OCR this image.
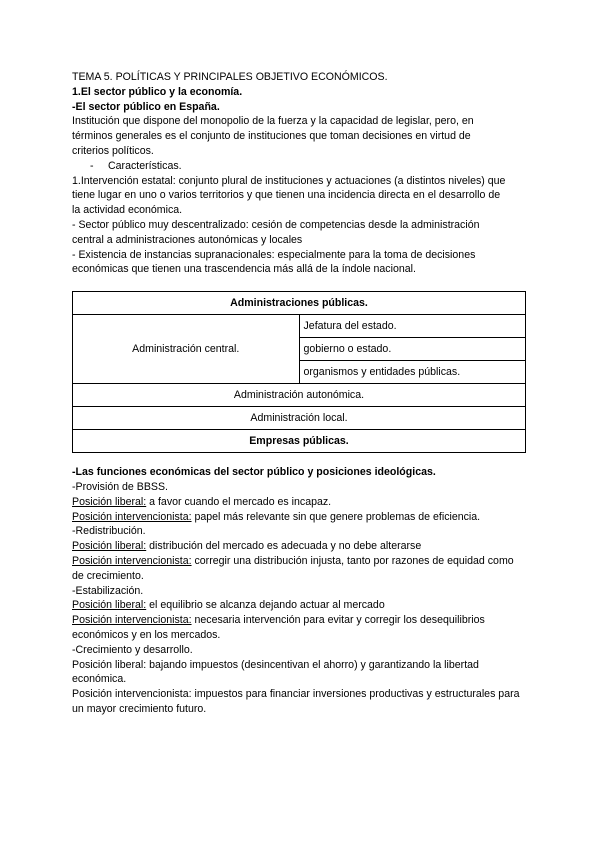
TEMA 5. POLÍTICAS Y PRINCIPALES OBJETIVO ECONÓMICOS.
1.El sector público y la economía.
-El sector público en España.
Institución que dispone del monopolio de la fuerza y la capacidad de legislar, pero, en
términos generales es el conjunto de instituciones que toman decisiones en virtud de
criterios políticos.
- Características.
1.Intervención estatal: conjunto plural de instituciones y actuaciones (a distintos niveles) que
tiene lugar en uno o varios territorios y que tienen una incidencia directa en el desarrollo de
la actividad económica.
- Sector público muy descentralizado: cesión de competencias desde la administración
central a administraciones autonómicas y locales
- Existencia de instancias supranacionales: especialmente para la toma de decisiones
económicas que tienen una trascendencia más allá de la índole nacional.
Administraciones públicas.
Administración central.	Jefatura del estado.
gobierno o estado.
organismos y entidades públicas.
Administración autonómica.
Administración local.
Empresas públicas.
-Las funciones económicas del sector público y posiciones ideológicas.
-Provisión de BBSS.
Posición liberal: a favor cuando el mercado es incapaz.
Posición intervencionista: papel más relevante sin que genere problemas de eficiencia.
-Redistribución.
Posición liberal: distribución del mercado es adecuada y no debe alterarse
Posición intervencionista: corregir una distribución injusta, tanto por razones de equidad como de crecimiento.
-Estabilización.
Posición liberal: el equilibrio se alcanza dejando actuar al mercado
Posición intervencionista: necesaria intervención para evitar y corregir los desequilibrios económicos y en los mercados.
-Crecimiento y desarrollo.
Posición liberal: bajando impuestos (desincentivan el ahorro) y garantizando la libertad económica.
Posición intervencionista: impuestos para financiar inversiones productivas y estructurales para un mayor crecimiento futuro.
